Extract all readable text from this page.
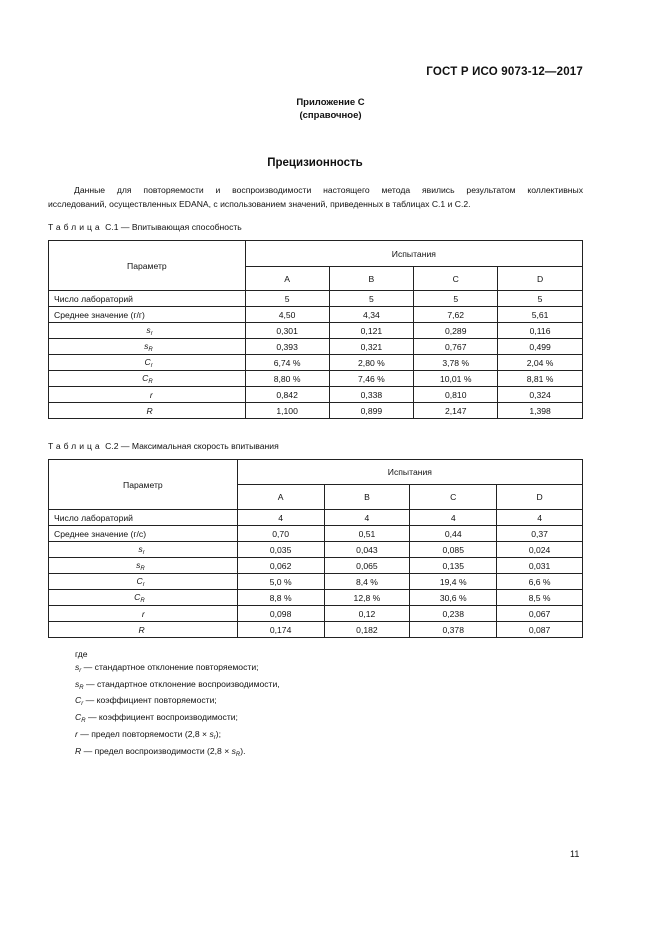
ГОСТ Р ИСО 9073-12—2017
Приложение С
(справочное)
Прецизионность
Данные для повторяемости и воспроизводимости настоящего метода явились результатом коллективных
исследований, осуществленных EDANA, с использованием значений, приведенных в таблицах С.1 и С.2.
Таблица С.1 — Впитывающая способность
Параметр	Испытания			
	A	B	C	D
Число лабораторий	5	5	5	5
Среднее значение (г/г)	4,50	4,34	7,62	5,61
$s_r$	0,301	0,121	0,289	0,116
$s_R$	0,393	0,321	0,767	0,499
$C_r$	6,74 %	2,80 %	3,78 %	2,04 %
$C_R$	8,80 %	7,46 %	10,01 %	8,81 %
r	0,842	0,338	0,810	0,324
R	1,100	0,899	2,147	1,398
Таблица С.2 — Максимальная скорость впитывания
Параметр	Испытания			
	A	B	C	D
Число лабораторий	4	4	4	4
Среднее значение (г/с)	0,70	0,51	0,44	0,37
$s_r$	0,035	0,043	0,085	0,024
$s_R$	0,062	0,065	0,135	0,031
$C_r$	5,0 %	8,4 %	19,4 %	6,6 %
$C_R$	8,8 %	12,8 %	30,6 %	8,5 %
r	0,098	0,12	0,238	0,067
R	0,174	0,182	0,378	0,087
где
$s_r$ — стандартное отклонение повторяемости;
$s_R$ — стандартное отклонение воспроизводимости,
$C_r$ — коэффициент повторяемости;
$C_R$ — коэффициент воспроизводимости;
r — предел повторяемости $(2,8 \times s_r)$;
R — предел воспроизводимости $(2,8 \times s_R)$.
11
